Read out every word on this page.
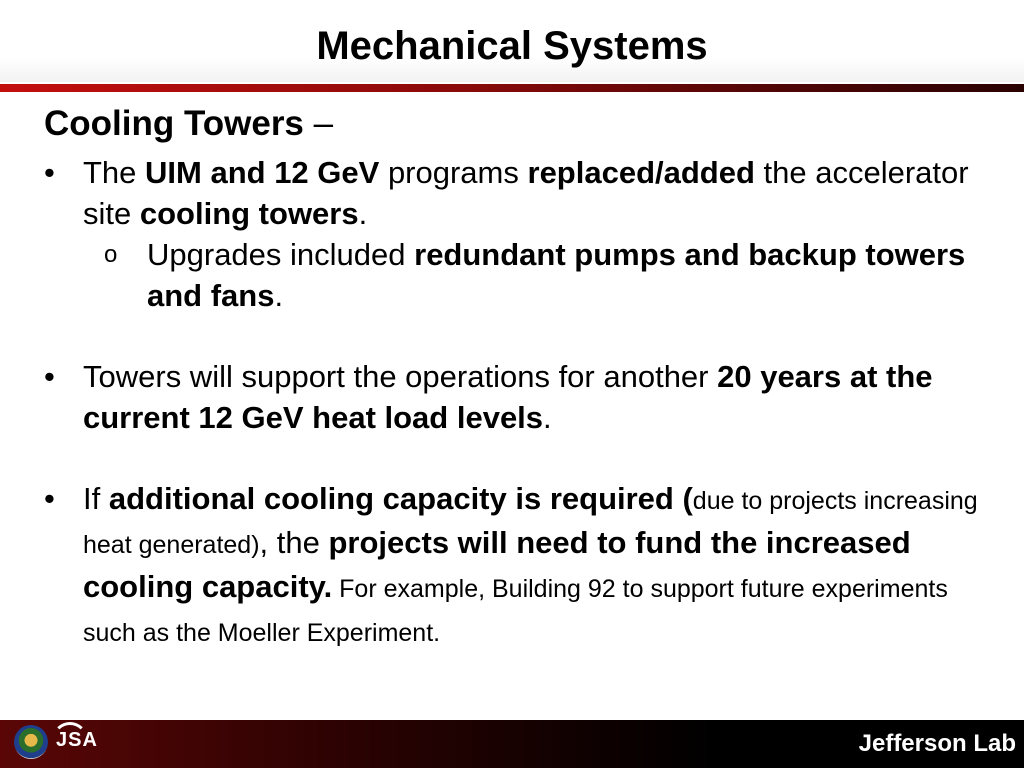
Mechanical Systems
Cooling Towers –
• The UIM and 12 GeV programs replaced/added the accelerator site cooling towers.
o Upgrades included redundant pumps and backup towers and fans.
• Towers will support the operations for another 20 years at the current 12 GeV heat load levels.
• If additional cooling capacity is required (due to projects increasing heat generated), the projects will need to fund the increased cooling capacity. For example, Building 92 to support future experiments such as the Moeller Experiment.
JSA	Jefferson Lab
